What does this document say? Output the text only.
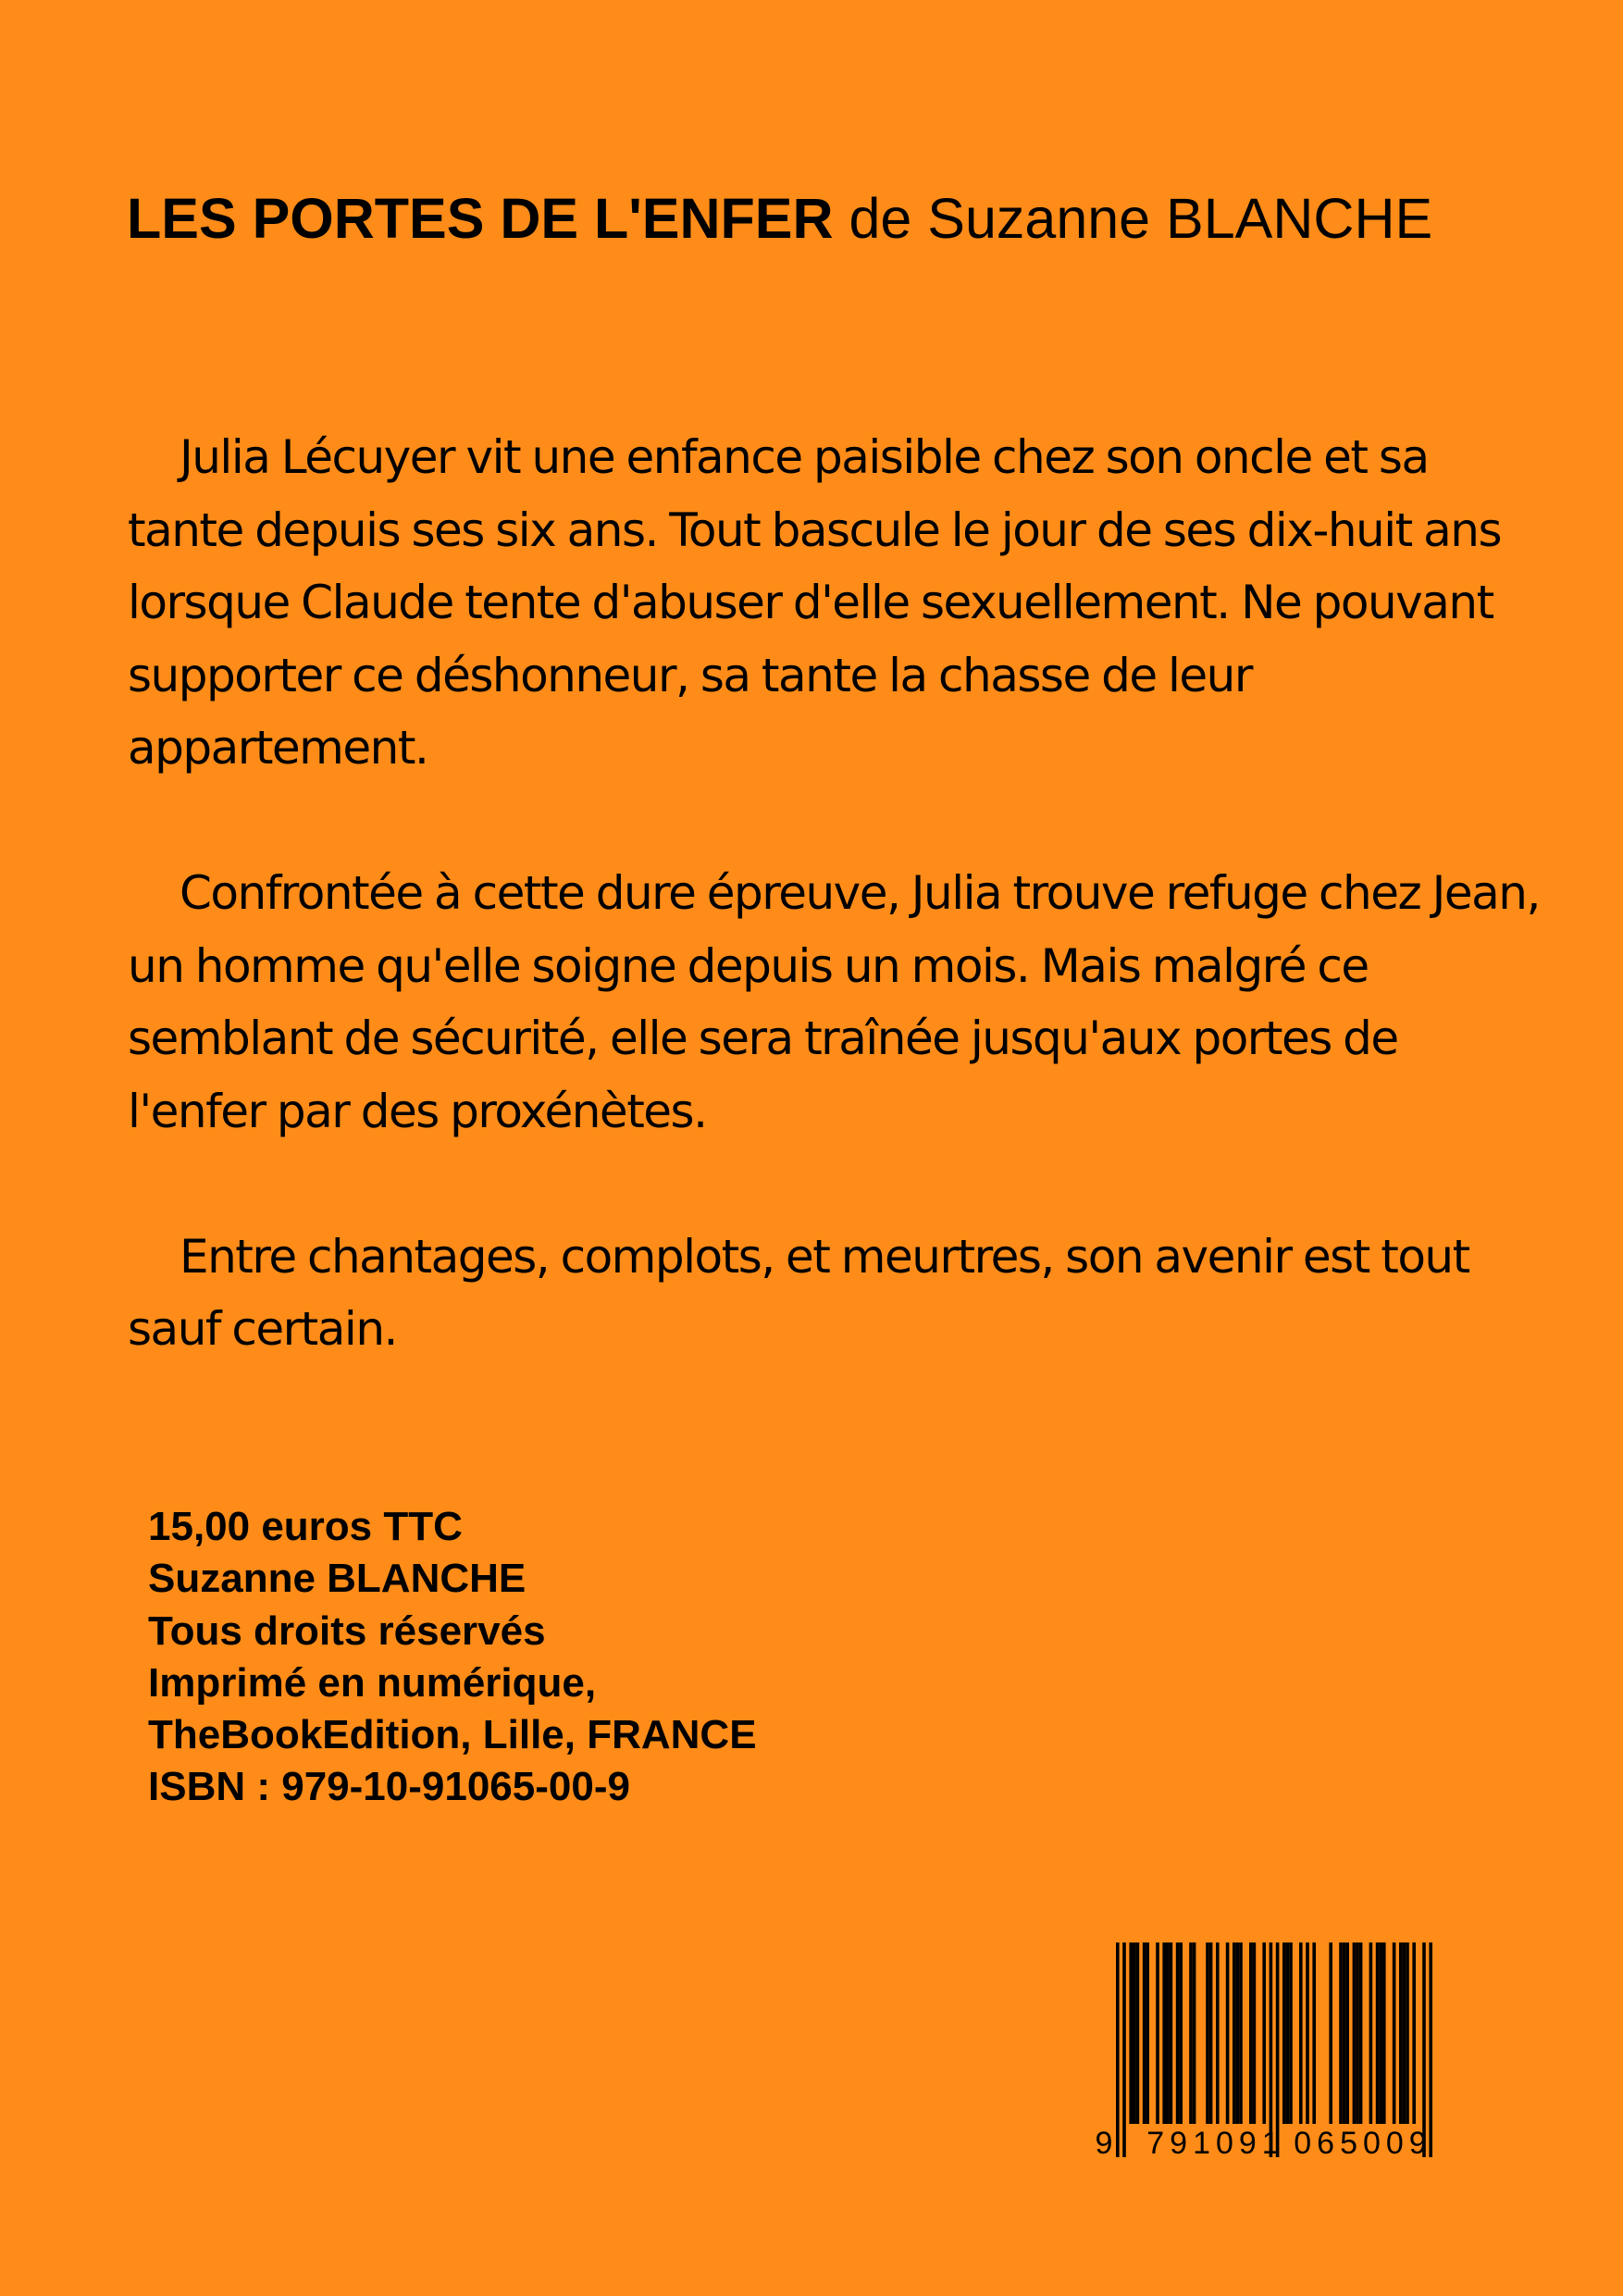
LES PORTES DE L'ENFER de Suzanne BLANCHE

Julia Lécuyer vit une enfance paisible chez son oncle et sa tante depuis ses six ans. Tout bascule le jour de ses dix-huit ans lorsque Claude tente d'abuser d'elle sexuellement. Ne pouvant supporter ce déshonneur, sa tante la chasse de leur appartement.

Confrontée à cette dure épreuve, Julia trouve refuge chez Jean, un homme qu'elle soigne depuis un mois. Mais malgré ce semblant de sécurité, elle sera traînée jusqu'aux portes de l'enfer par des proxénètes.

Entre chantages, complots, et meurtres, son avenir est tout sauf certain.

15,00 euros TTC
Suzanne BLANCHE
Tous droits réservés
Imprimé en numérique,
TheBookEdition, Lille, FRANCE
ISBN : 979-10-91065-00-9
9 791091 065009
